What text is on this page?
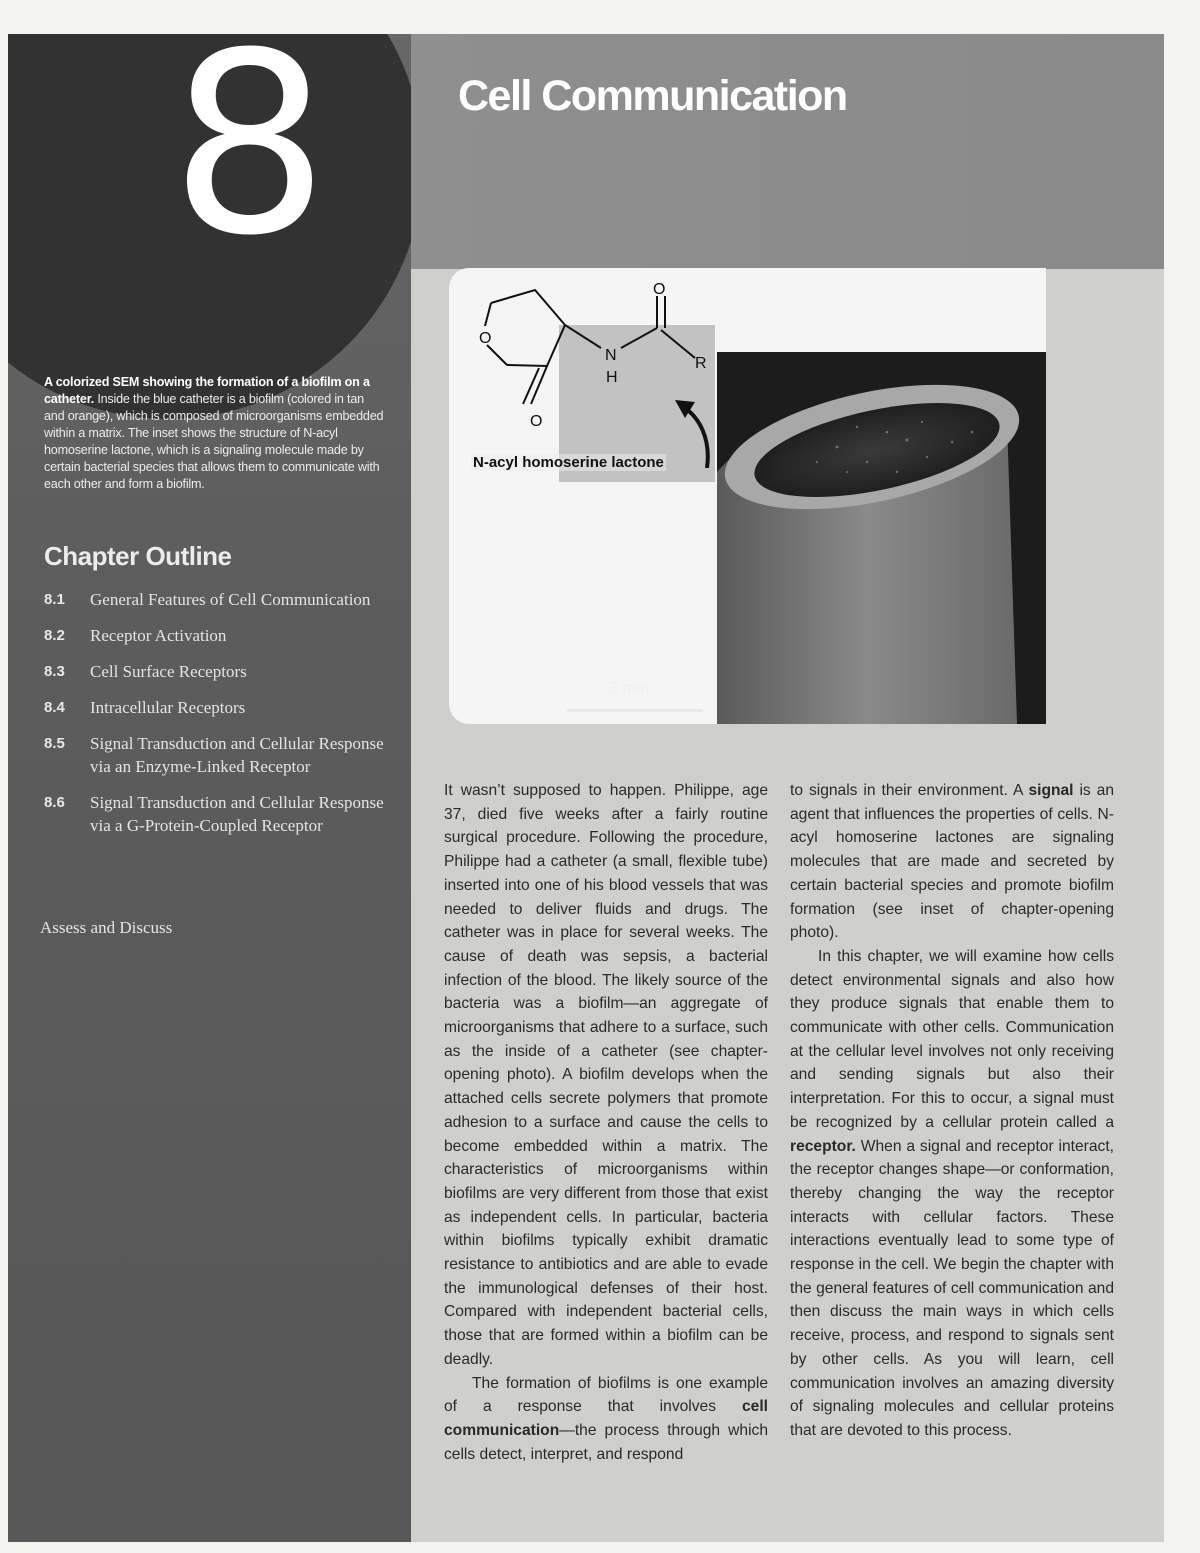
8
A colorized SEM showing the formation of a biofilm on a catheter. Inside the blue catheter is a biofilm (colored in tan and orange), which is composed of microorganisms embedded within a matrix. The inset shows the structure of N-acyl homoserine lactone, which is a signaling molecule made by certain bacterial species that allows them to communicate with each other and form a biofilm.
Chapter Outline
8.1	General Features of Cell Communication
8.2	Receptor Activation
8.3	Cell Surface Receptors
8.4	Intracellular Receptors
8.5	Signal Transduction and Cellular Response via an Enzyme-Linked Receptor
8.6	Signal Transduction and Cellular Response via a G-Protein-Coupled Receptor
Assess and Discuss
Cell Communication
O
O
N
H
O
R
N-acyl homoserine lactone
3 mm

It wasn’t supposed to happen. Philippe, age 37, died five weeks after a fairly routine surgical procedure. Following the procedure, Philippe had a catheter (a small, flexible tube) inserted into one of his blood vessels that was needed to deliver fluids and drugs. The catheter was in place for several weeks. The cause of death was sepsis, a bacterial infection of the blood. The likely source of the bacteria was a biofilm—an aggregate of microorganisms that adhere to a surface, such as the inside of a catheter (see chapter-opening photo). A biofilm develops when the attached cells secrete polymers that promote adhesion to a surface and cause the cells to become embedded within a matrix. The characteristics of microorganisms within biofilms are very different from those that exist as independent cells. In particular, bacteria within biofilms typically exhibit dramatic resistance to antibiotics and are able to evade the immunological defenses of their host. Compared with independent bacterial cells, those that are formed within a biofilm can be deadly.

The formation of biofilms is one example of a response that involves cell communication—the process through which cells detect, interpret, and respond

to signals in their environment. A signal is an agent that influences the properties of cells. N-acyl homoserine lactones are signaling molecules that are made and secreted by certain bacterial species and promote biofilm formation (see inset of chapter-opening photo).

In this chapter, we will examine how cells detect environmental signals and also how they produce signals that enable them to communicate with other cells. Communication at the cellular level involves not only receiving and sending signals but also their interpretation. For this to occur, a signal must be recognized by a cellular protein called a receptor. When a signal and receptor interact, the receptor changes shape—or conformation, thereby changing the way the receptor interacts with cellular factors. These interactions eventually lead to some type of response in the cell. We begin the chapter with the general features of cell communication and then discuss the main ways in which cells receive, process, and respond to signals sent by other cells. As you will learn, cell communication involves an amazing diversity of signaling molecules and cellular proteins that are devoted to this process.
